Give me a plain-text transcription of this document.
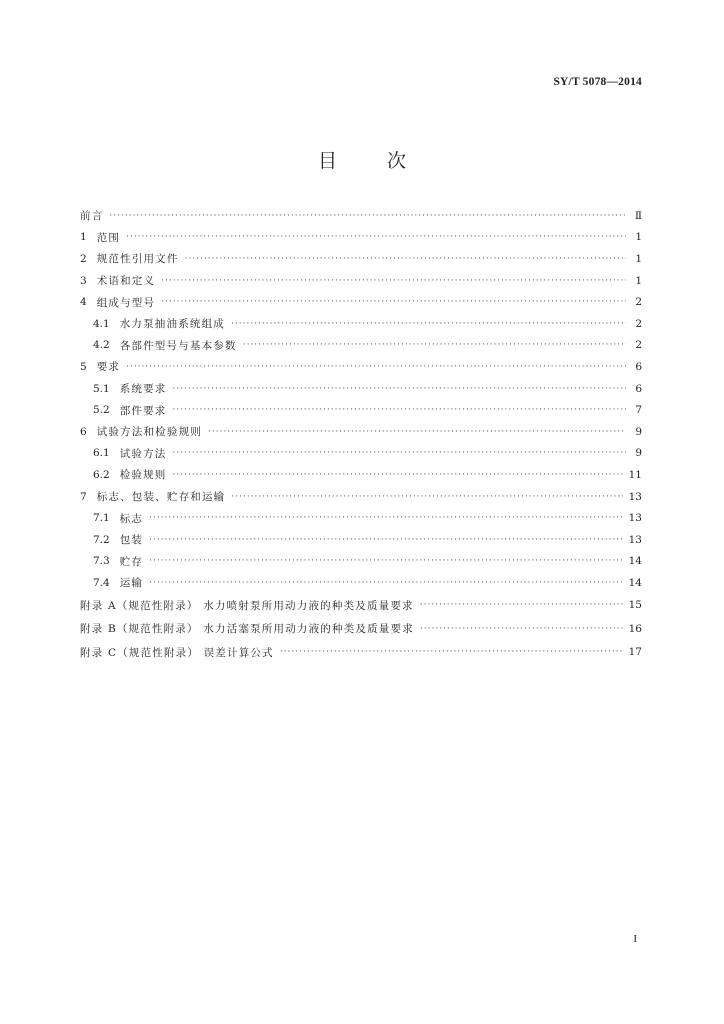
SY/T 5078—2014
目	次
前言 ·····	Ⅱ
1 范围 ·····	1
2 规范性引用文件 ·····	1
3 术语和定义 ·····	1
4 组成与型号 ·····	2
4.1 水力泵抽油系统组成 ·····	2
4.2 各部件型号与基本参数 ·····	2
5 要求 ·····	6
5.1 系统要求 ·····	6
5.2 部件要求 ·····	7
6 试验方法和检验规则 ·····	9
6.1 试验方法 ·····	9
6.2 检验规则 ·····	11
7 标志、包装、贮存和运输 ·····	13
7.1 标志 ·····	13
7.2 包装 ·····	13
7.3 贮存 ·····	14
7.4 运输 ·····	14
附录 A（规范性附录） 水力喷射泵所用动力液的种类及质量要求 ·····	15
附录 B（规范性附录） 水力活塞泵所用动力液的种类及质量要求 ·····	16
附录 C（规范性附录） 误差计算公式 ·····	17
I
